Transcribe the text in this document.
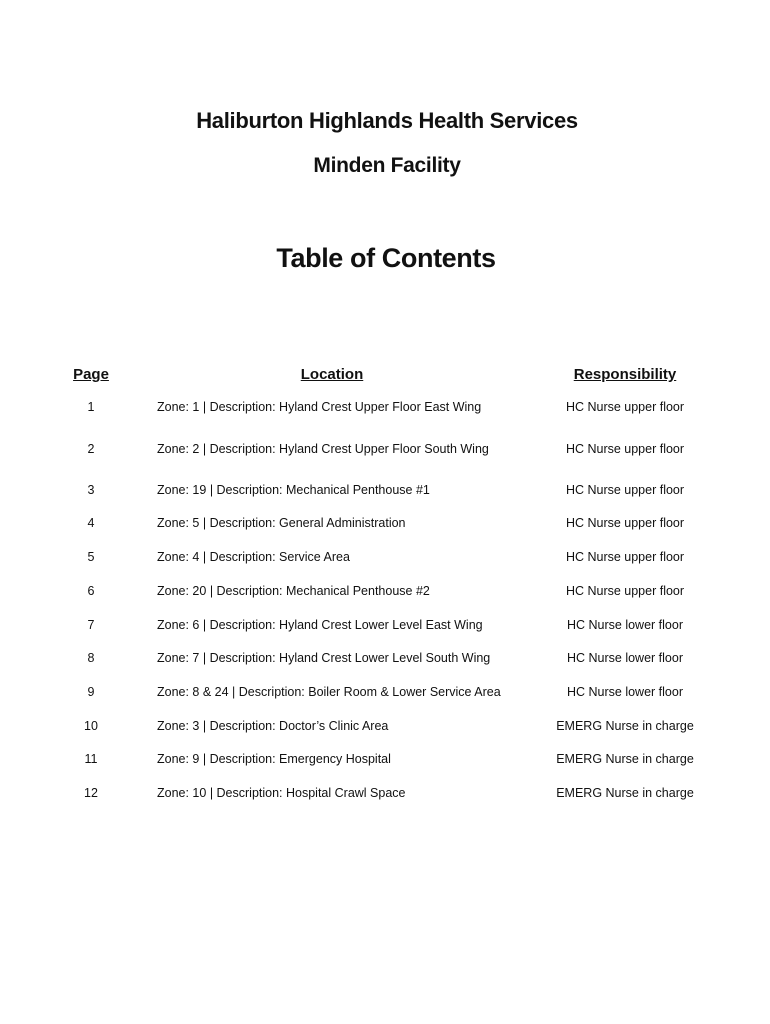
Haliburton Highlands Health Services
Minden Facility
Table of Contents
Page	Location	Responsibility
1	Zone: 1 | Description: Hyland Crest Upper Floor East Wing	HC Nurse upper floor
2	Zone: 2 | Description: Hyland Crest Upper Floor South Wing	HC Nurse upper floor
3	Zone: 19 | Description: Mechanical Penthouse #1	HC Nurse upper floor
4	Zone: 5 | Description: General Administration	HC Nurse upper floor
5	Zone: 4 | Description: Service Area	HC Nurse upper floor
6	Zone: 20 | Description: Mechanical Penthouse #2	HC Nurse upper floor
7	Zone: 6 | Description: Hyland Crest Lower Level East Wing	HC Nurse lower floor
8	Zone: 7 | Description: Hyland Crest Lower Level South Wing	HC Nurse lower floor
9	Zone: 8 & 24 | Description: Boiler Room & Lower Service Area	HC Nurse lower floor
10	Zone: 3 | Description: Doctor’s Clinic Area	EMERG Nurse in charge
11	Zone: 9 | Description: Emergency Hospital	EMERG Nurse in charge
12	Zone: 10 | Description: Hospital Crawl Space	EMERG Nurse in charge
